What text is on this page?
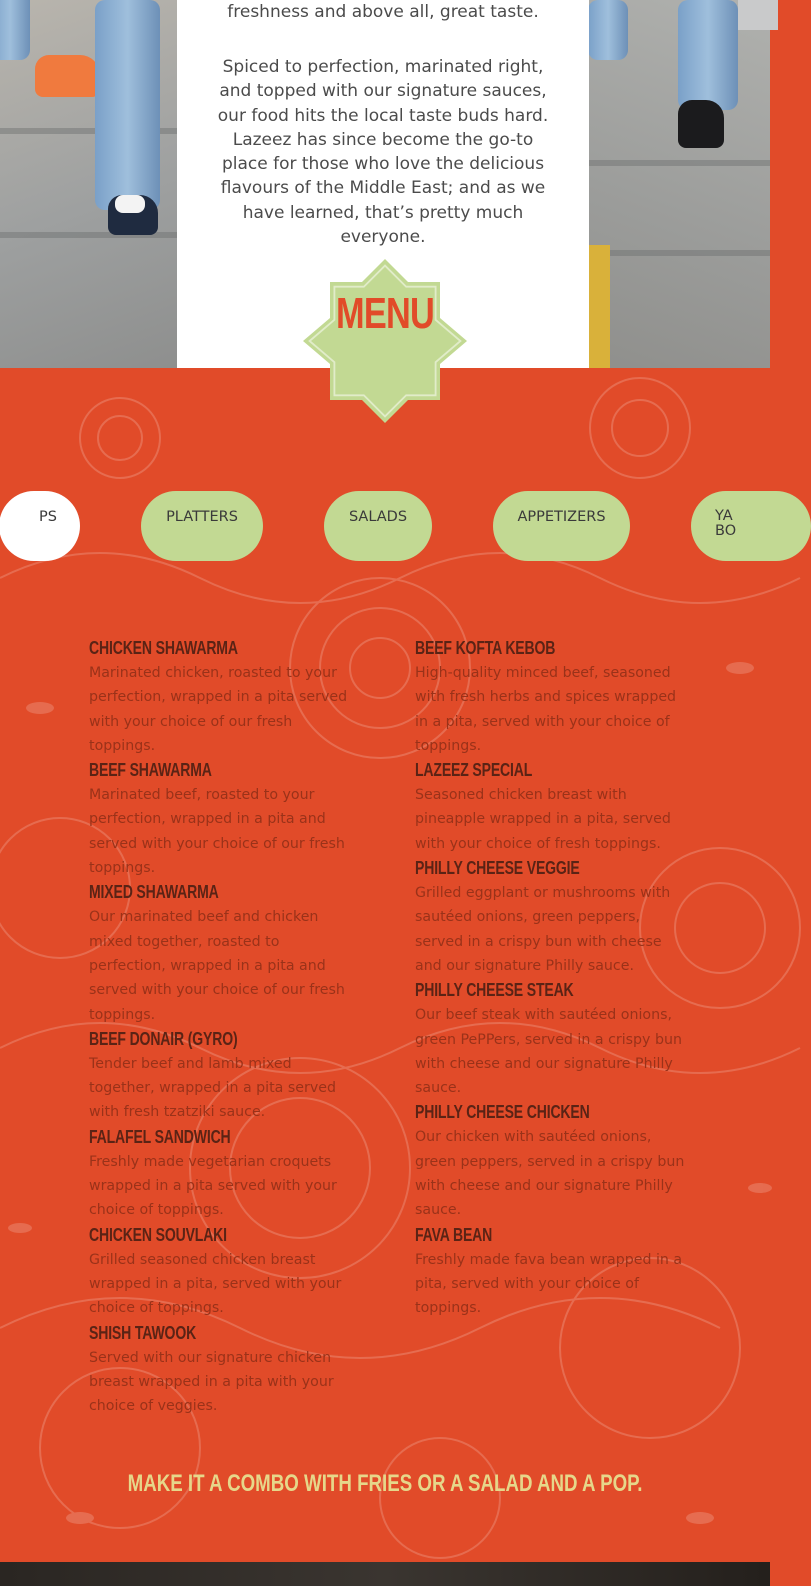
freshness and above all, great taste.
Spiced to perfection, marinated right, and topped with our signature sauces, our food hits the local taste buds hard. Lazeez has since become the go-to place for those who love the delicious flavours of the Middle East; and as we have learned, that’s pretty much everyone.
MENU
PS	PLATTERS	SALADS	APPETIZERS	YA
BO
CHICKEN SHAWARMA

Marinated chicken, roasted to your perfection, wrapped in a pita served with your choice of our fresh toppings.

BEEF SHAWARMA

Marinated beef, roasted to your perfection, wrapped in a pita and served with your choice of our fresh toppings.

MIXED SHAWARMA

Our marinated beef and chicken mixed together, roasted to perfection, wrapped in a pita and served with your choice of our fresh toppings.

BEEF DONAIR (GYRO)

Tender beef and lamb mixed together, wrapped in a pita served with fresh tzatziki sauce.

FALAFEL SANDWICH

Freshly made vegetarian croquets wrapped in a pita served with your choice of toppings.

CHICKEN SOUVLAKI

Grilled seasoned chicken breast wrapped in a pita, served with your choice of toppings.

SHISH TAWOOK

Served with our signature chicken breast wrapped in a pita with your choice of veggies.

BEEF KOFTA KEBOB

High-quality minced beef, seasoned with fresh herbs and spices wrapped in a pita, served with your choice of toppings.

LAZEEZ SPECIAL

Seasoned chicken breast with pineapple wrapped in a pita, served with your choice of fresh toppings.

PHILLY CHEESE VEGGIE

Grilled eggplant or mushrooms with sautéed onions, green peppers, served in a crispy bun with cheese and our signature Philly sauce.

PHILLY CHEESE STEAK

Our beef steak with sautéed onions, green PePPers, served in a crispy bun with cheese and our signature Philly sauce.

PHILLY CHEESE CHICKEN

Our chicken with sautéed onions, green peppers, served in a crispy bun with cheese and our signature Philly sauce.

FAVA BEAN

Freshly made fava bean wrapped in a pita, served with your choice of toppings.

MAKE IT A COMBO WITH FRIES OR A SALAD AND A POP.
